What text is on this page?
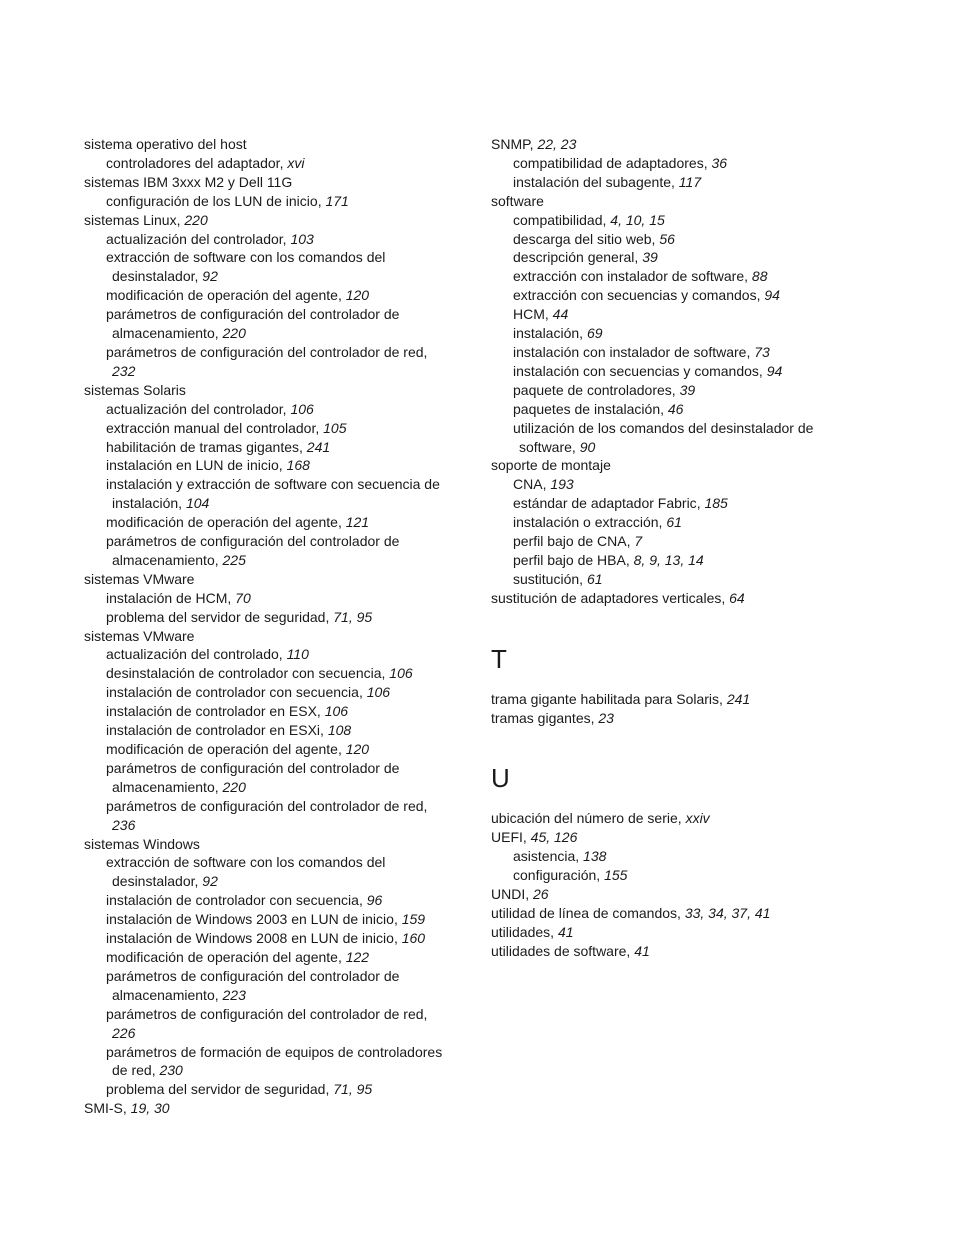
sistema operativo del host
controladores del adaptador, xvi
sistemas IBM 3xxx M2 y Dell 11G
configuración de los LUN de inicio, 171
sistemas Linux, 220
actualización del controlador, 103
extracción de software con los comandos del
desinstalador, 92
modificación de operación del agente, 120
parámetros de configuración del controlador de
almacenamiento, 220
parámetros de configuración del controlador de red,
232
sistemas Solaris
actualización del controlador, 106
extracción manual del controlador, 105
habilitación de tramas gigantes, 241
instalación en LUN de inicio, 168
instalación y extracción de software con secuencia de
instalación, 104
modificación de operación del agente, 121
parámetros de configuración del controlador de
almacenamiento, 225
sistemas VMware
instalación de HCM, 70
problema del servidor de seguridad, 71, 95
sistemas VMware
actualización del controlado, 110
desinstalación de controlador con secuencia, 106
instalación de controlador con secuencia, 106
instalación de controlador en ESX, 106
instalación de controlador en ESXi, 108
modificación de operación del agente, 120
parámetros de configuración del controlador de
almacenamiento, 220
parámetros de configuración del controlador de red,
236
sistemas Windows
extracción de software con los comandos del
desinstalador, 92
instalación de controlador con secuencia, 96
instalación de Windows 2003 en LUN de inicio, 159
instalación de Windows 2008 en LUN de inicio, 160
modificación de operación del agente, 122
parámetros de configuración del controlador de
almacenamiento, 223
parámetros de configuración del controlador de red,
226
parámetros de formación de equipos de controladores
de red, 230
problema del servidor de seguridad, 71, 95
SMI-S, 19, 30
SNMP, 22, 23
compatibilidad de adaptadores, 36
instalación del subagente, 117
software
compatibilidad, 4, 10, 15
descarga del sitio web, 56
descripción general, 39
extracción con instalador de software, 88
extracción con secuencias y comandos, 94
HCM, 44
instalación, 69
instalación con instalador de software, 73
instalación con secuencias y comandos, 94
paquete de controladores, 39
paquetes de instalación, 46
utilización de los comandos del desinstalador de
software, 90
soporte de montaje
CNA, 193
estándar de adaptador Fabric, 185
instalación o extracción, 61
perfil bajo de CNA, 7
perfil bajo de HBA, 8, 9, 13, 14
sustitución, 61
sustitución de adaptadores verticales, 64
T
trama gigante habilitada para Solaris, 241
tramas gigantes, 23
U
ubicación del número de serie, xxiv
UEFI, 45, 126
asistencia, 138
configuración, 155
UNDI, 26
utilidad de línea de comandos, 33, 34, 37, 41
utilidades, 41
utilidades de software, 41
